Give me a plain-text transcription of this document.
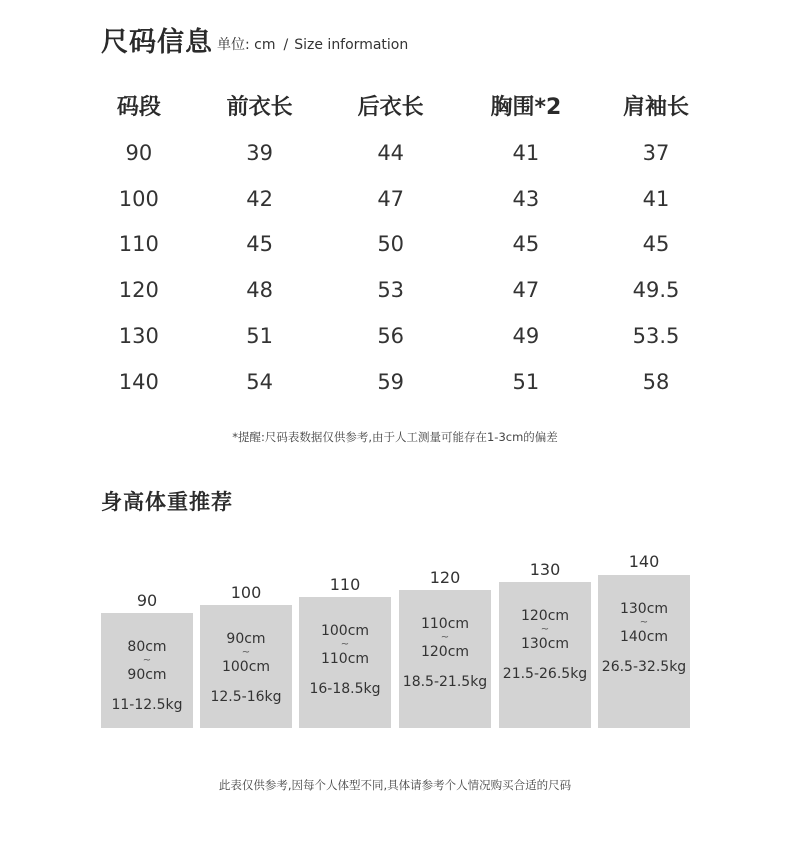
尺码信息 单位: cm / Size information
码段	前衣长	后衣长	胸围*2	肩袖长
90	39	44	41	37
100	42	47	43	41
110	45	50	45	45
120	48	53	47	49.5
130	51	56	49	53.5
140	54	59	51	58
*提醒:尺码表数据仅供参考,由于人工测量可能存在1-3cm的偏差
身高体重推荐
90
80cm
~
90cm
11-12.5kg
100
90cm
~
100cm
12.5-16kg
110
100cm
~
110cm
16-18.5kg
120
110cm
~
120cm
18.5-21.5kg
130
120cm
~
130cm
21.5-26.5kg
140
130cm
~
140cm
26.5-32.5kg
此表仅供参考,因每个人体型不同,具体请参考个人情况购买合适的尺码
